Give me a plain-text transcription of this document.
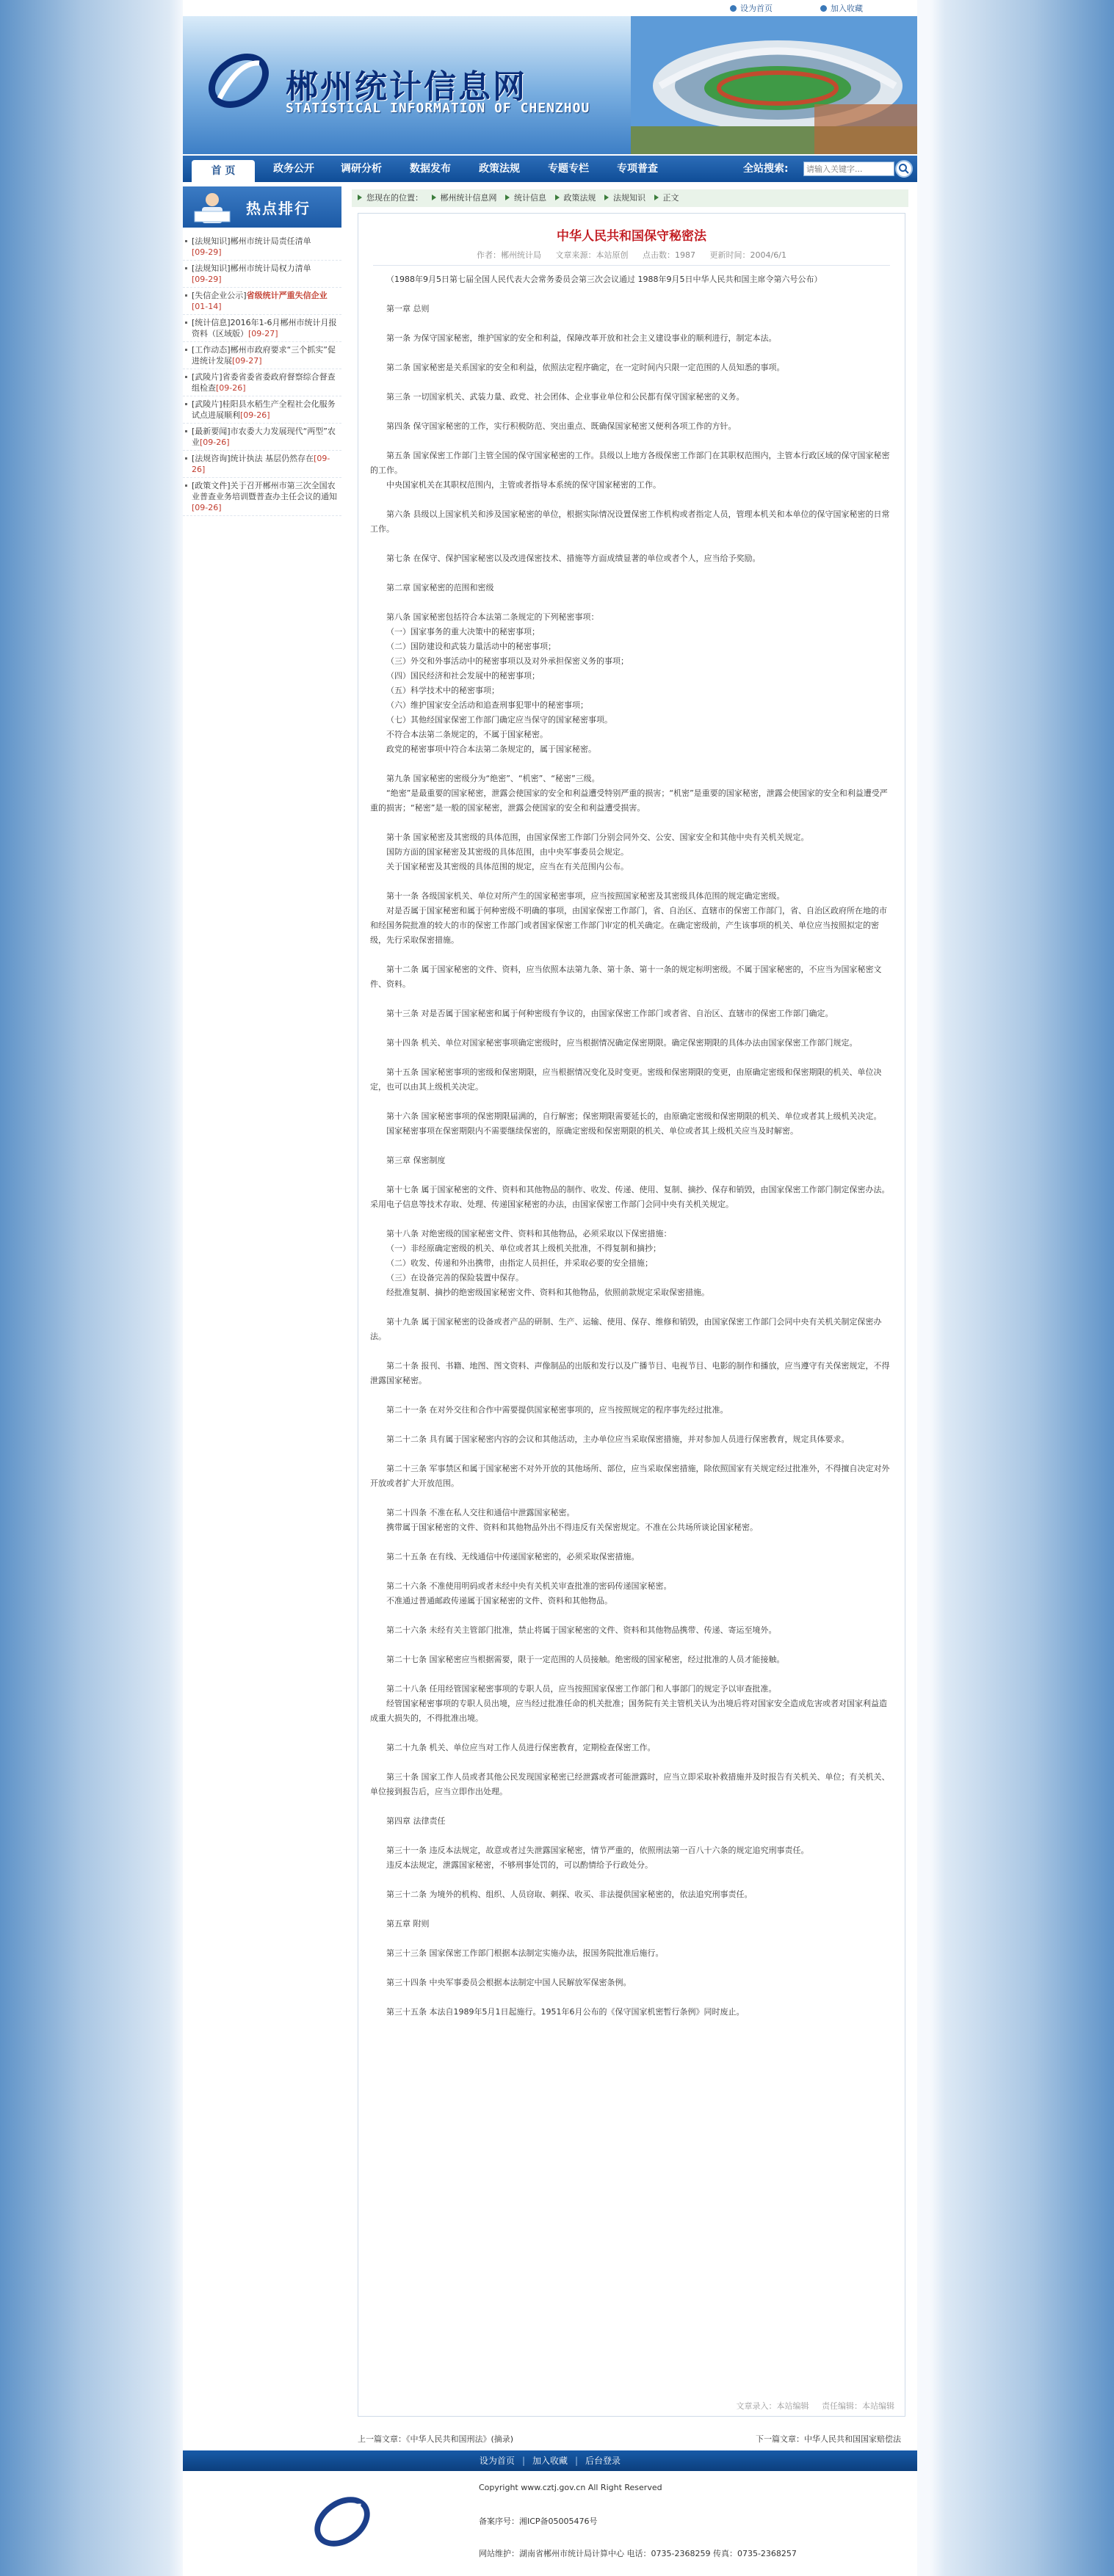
设为首页	加入收藏
郴州统计信息网
STATISTICAL INFORMATION OF CHENZHOU
首 页	政务公开	调研分析	数据发布	政策法规	专题专栏	专项普查	全站搜索:
请输入关键字...
热点排行
[法规知识]郴州市统计局责任清单
[09-29]
[法规知识]郴州市统计局权力清单
[09-29]
[失信企业公示]省级统计严重失信企业[01-14]
[统计信息]2016年1-6月郴州市统计月报资料（区域版）[09-27]
[工作动态]郴州市政府要求“三个抓实”促进统计发展[09-27]
[武陵片]省委省委省委政府督察综合督查组检查[09-26]
[武陵片]桂阳县水稻生产全程社会化服务试点进展顺利[09-26]
[最新要闻]市农委大力发展现代“两型”农业[09-26]
[法规咨询]统计执法 基层仍然存在[09-26]
[政策文件]关于召开郴州市第三次全国农业普查业务培训暨普查办主任会议的通知[09-26]
您现在的位置： 郴州统计信息网 统计信息 政策法规 法规知识 正文
中华人民共和国保守秘密法
作者：郴州统计局 文章来源：本站原创 点击数：1987 更新时间：2004/6/1

（1988年9月5日第七届全国人民代表大会常务委员会第三次会议通过 1988年9月5日中华人民共和国主席令第六号公布）

第一章 总则

第一条 为保守国家秘密，维护国家的安全和利益，保障改革开放和社会主义建设事业的顺利进行，制定本法。

第二条 国家秘密是关系国家的安全和利益，依照法定程序确定，在一定时间内只限一定范围的人员知悉的事项。

第三条 一切国家机关、武装力量、政党、社会团体、企业事业单位和公民都有保守国家秘密的义务。

第四条 保守国家秘密的工作，实行积极防范、突出重点、既确保国家秘密又便利各项工作的方针。

第五条 国家保密工作部门主管全国的保守国家秘密的工作。县级以上地方各级保密工作部门在其职权范围内，主管本行政区域的保守国家秘密的工作。

中央国家机关在其职权范围内，主管或者指导本系统的保守国家秘密的工作。

第六条 县级以上国家机关和涉及国家秘密的单位，根据实际情况设置保密工作机构或者指定人员，管理本机关和本单位的保守国家秘密的日常工作。

第七条 在保守、保护国家秘密以及改进保密技术、措施等方面成绩显著的单位或者个人，应当给予奖励。

第二章 国家秘密的范围和密级

第八条 国家秘密包括符合本法第二条规定的下列秘密事项：

（一）国家事务的重大决策中的秘密事项；

（二）国防建设和武装力量活动中的秘密事项；

（三）外交和外事活动中的秘密事项以及对外承担保密义务的事项；

（四）国民经济和社会发展中的秘密事项；

（五）科学技术中的秘密事项；

（六）维护国家安全活动和追查刑事犯罪中的秘密事项；

（七）其他经国家保密工作部门确定应当保守的国家秘密事项。

不符合本法第二条规定的，不属于国家秘密。

政党的秘密事项中符合本法第二条规定的，属于国家秘密。

第九条 国家秘密的密级分为“绝密”、“机密”、“秘密”三级。

“绝密”是最重要的国家秘密，泄露会使国家的安全和利益遭受特别严重的损害；“机密”是重要的国家秘密，泄露会使国家的安全和利益遭受严重的损害；“秘密”是一般的国家秘密，泄露会使国家的安全和利益遭受损害。

第十条 国家秘密及其密级的具体范围，由国家保密工作部门分别会同外交、公安、国家安全和其他中央有关机关规定。

国防方面的国家秘密及其密级的具体范围，由中央军事委员会规定。

关于国家秘密及其密级的具体范围的规定，应当在有关范围内公布。

第十一条 各级国家机关、单位对所产生的国家秘密事项，应当按照国家秘密及其密级具体范围的规定确定密级。

对是否属于国家秘密和属于何种密级不明确的事项，由国家保密工作部门，省、自治区、直辖市的保密工作部门，省、自治区政府所在地的市和经国务院批准的较大的市的保密工作部门或者国家保密工作部门审定的机关确定。在确定密级前，产生该事项的机关、单位应当按照拟定的密级，先行采取保密措施。

第十二条 属于国家秘密的文件、资料，应当依照本法第九条、第十条、第十一条的规定标明密级。不属于国家秘密的，不应当为国家秘密文件、资料。

第十三条 对是否属于国家秘密和属于何种密级有争议的，由国家保密工作部门或者省、自治区、直辖市的保密工作部门确定。

第十四条 机关、单位对国家秘密事项确定密级时，应当根据情况确定保密期限。确定保密期限的具体办法由国家保密工作部门规定。

第十五条 国家秘密事项的密级和保密期限，应当根据情况变化及时变更。密级和保密期限的变更，由原确定密级和保密期限的机关、单位决定，也可以由其上级机关决定。

第十六条 国家秘密事项的保密期限届满的，自行解密；保密期限需要延长的，由原确定密级和保密期限的机关、单位或者其上级机关决定。

国家秘密事项在保密期限内不需要继续保密的，原确定密级和保密期限的机关、单位或者其上级机关应当及时解密。

第三章 保密制度

第十七条 属于国家秘密的文件、资料和其他物品的制作、收发、传递、使用、复制、摘抄、保存和销毁，由国家保密工作部门制定保密办法。采用电子信息等技术存取、处理、传递国家秘密的办法，由国家保密工作部门会同中央有关机关规定。

第十八条 对绝密级的国家秘密文件、资料和其他物品，必须采取以下保密措施：

（一）非经原确定密级的机关、单位或者其上级机关批准，不得复制和摘抄；

（二）收发、传递和外出携带，由指定人员担任，并采取必要的安全措施；

（三）在设备完善的保险装置中保存。

经批准复制、摘抄的绝密级国家秘密文件、资料和其他物品，依照前款规定采取保密措施。

第十九条 属于国家秘密的设备或者产品的研制、生产、运输、使用、保存、维修和销毁，由国家保密工作部门会同中央有关机关制定保密办法。

第二十条 报刊、书籍、地图、图文资料、声像制品的出版和发行以及广播节目、电视节目、电影的制作和播放，应当遵守有关保密规定，不得泄露国家秘密。

第二十一条 在对外交往和合作中需要提供国家秘密事项的，应当按照规定的程序事先经过批准。

第二十二条 具有属于国家秘密内容的会议和其他活动，主办单位应当采取保密措施，并对参加人员进行保密教育，规定具体要求。

第二十三条 军事禁区和属于国家秘密不对外开放的其他场所、部位，应当采取保密措施，除依照国家有关规定经过批准外，不得擅自决定对外开放或者扩大开放范围。

第二十四条 不准在私人交往和通信中泄露国家秘密。

携带属于国家秘密的文件、资料和其他物品外出不得违反有关保密规定。不准在公共场所谈论国家秘密。

第二十五条 在有线、无线通信中传递国家秘密的，必须采取保密措施。

第二十六条 不准使用明码或者未经中央有关机关审查批准的密码传递国家秘密。

不准通过普通邮政传递属于国家秘密的文件、资料和其他物品。

第二十六条 未经有关主管部门批准，禁止将属于国家秘密的文件、资料和其他物品携带、传递、寄运至境外。

第二十七条 国家秘密应当根据需要，限于一定范围的人员接触。绝密级的国家秘密，经过批准的人员才能接触。

第二十八条 任用经管国家秘密事项的专职人员，应当按照国家保密工作部门和人事部门的规定予以审查批准。

经管国家秘密事项的专职人员出境，应当经过批准任命的机关批准；国务院有关主管机关认为出境后将对国家安全造成危害或者对国家利益造成重大损失的，不得批准出境。

第二十九条 机关、单位应当对工作人员进行保密教育，定期检查保密工作。

第三十条 国家工作人员或者其他公民发现国家秘密已经泄露或者可能泄露时，应当立即采取补救措施并及时报告有关机关、单位；有关机关、单位接到报告后，应当立即作出处理。

第四章 法律责任

第三十一条 违反本法规定，故意或者过失泄露国家秘密，情节严重的，依照刑法第一百八十六条的规定追究刑事责任。

违反本法规定，泄露国家秘密，不够刑事处罚的，可以酌情给予行政处分。

第三十二条 为境外的机构、组织、人员窃取、刺探、收买、非法提供国家秘密的，依法追究刑事责任。

第五章 附则

第三十三条 国家保密工作部门根据本法制定实施办法，报国务院批准后施行。

第三十四条 中央军事委员会根据本法制定中国人民解放军保密条例。

第三十五条 本法自1989年5月1日起施行。1951年6月公布的《保守国家机密暂行条例》同时废止。

文章录入：本站编辑 责任编辑：本站编辑
上一篇文章：《中华人民共和国刑法》(摘录)	下一篇文章：中华人民共和国国家赔偿法
设为首页 | 加入收藏 | 后台登录
Copyright www.cztj.gov.cn All Right Reserved
备案序号：湘ICP备05005476号
网站维护：湖南省郴州市统计局计算中心 电话：0735-2368259 传真：0735-2368257
